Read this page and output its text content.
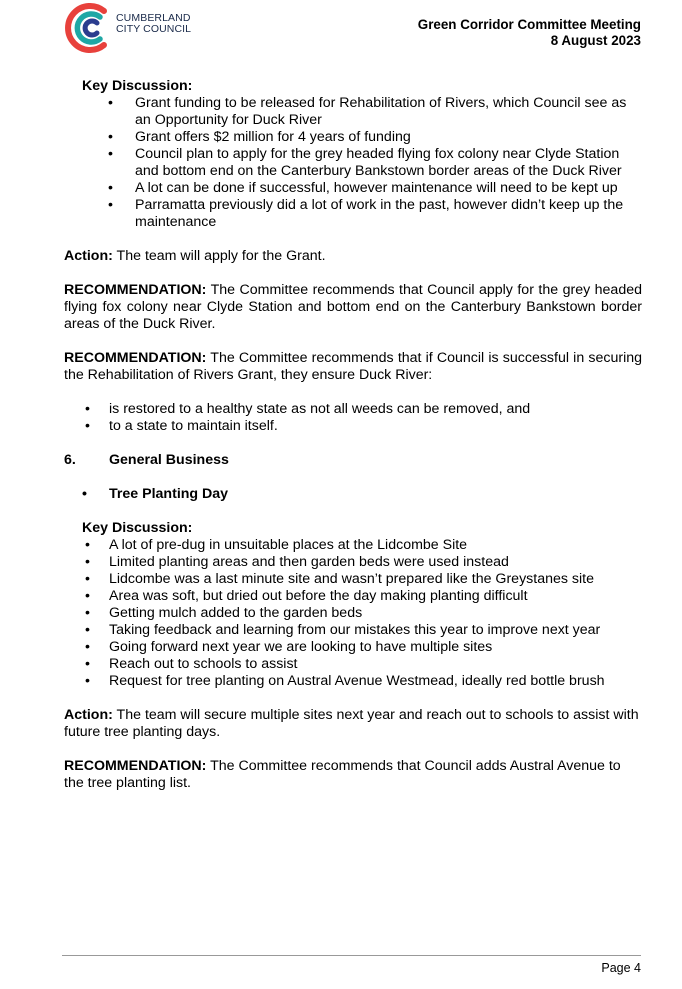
CUMBERLAND
CITY COUNCIL	Green Corridor Committee Meeting
8 August 2023
Key Discussion:
• Grant funding to be released for Rehabilitation of Rivers, which Council see as an Opportunity for Duck River
• Grant offers $2 million for 4 years of funding
• Council plan to apply for the grey headed flying fox colony near Clyde Station and bottom end on the Canterbury Bankstown border areas of the Duck River
• A lot can be done if successful, however maintenance will need to be kept up
• Parramatta previously did a lot of work in the past, however didn’t keep up the maintenance

Action: The team will apply for the Grant.

RECOMMENDATION: The Committee recommends that Council apply for the grey headed flying fox colony near Clyde Station and bottom end on the Canterbury Bankstown border areas of the Duck River.

RECOMMENDATION: The Committee recommends that if Council is successful in securing the Rehabilitation of Rivers Grant, they ensure Duck River:

• is restored to a healthy state as not all weeds can be removed, and
• to a state to maintain itself.
6.	General Business
•	Tree Planting Day
Key Discussion:
• A lot of pre-dug in unsuitable places at the Lidcombe Site
• Limited planting areas and then garden beds were used instead
• Lidcombe was a last minute site and wasn’t prepared like the Greystanes site
• Area was soft, but dried out before the day making planting difficult
• Getting mulch added to the garden beds
• Taking feedback and learning from our mistakes this year to improve next year
• Going forward next year we are looking to have multiple sites
• Reach out to schools to assist
• Request for tree planting on Austral Avenue Westmead, ideally red bottle brush

Action: The team will secure multiple sites next year and reach out to schools to assist with future tree planting days.

RECOMMENDATION: The Committee recommends that Council adds Austral Avenue to the tree planting list.

Page 4
